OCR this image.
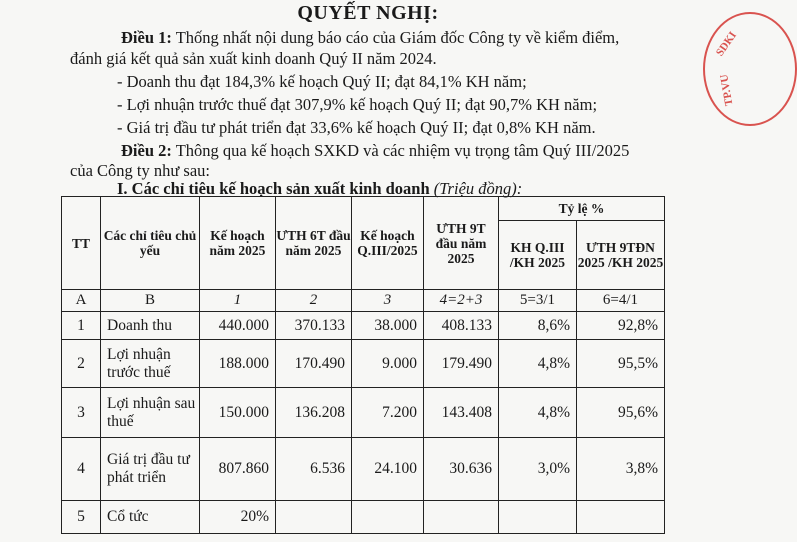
QUYẾT NGHỊ:
Điều 1: Thống nhất nội dung báo cáo của Giám đốc Công ty về kiểm điểm,
đánh giá kết quả sản xuất kinh doanh Quý II năm 2024.
- Doanh thu đạt 184,3% kế hoạch Quý II; đạt 84,1% KH năm;
- Lợi nhuận trước thuế đạt 307,9% kế hoạch Quý II; đạt 90,7% KH năm;
- Giá trị đầu tư phát triển đạt 33,6% kế hoạch Quý II; đạt 0,8% KH năm.
Điều 2: Thông qua kế hoạch SXKD và các nhiệm vụ trọng tâm Quý III/2025
của Công ty như sau:
I. Các chỉ tiêu kế hoạch sản xuất kinh doanh (Triệu đồng):
TT	Các chỉ tiêu chủ yếu	Kế hoạch năm 2025	ƯTH 6T đầu năm 2025	Kế hoạch Q.III/2025	ƯTH 9T đầu năm 2025	Tỷ lệ %	
						KH Q.III /KH 2025	ƯTH 9TĐN 2025 /KH 2025
A	B	1	2	3	4=2+3	5=3/1	6=4/1
1	Doanh thu	440.000	370.133	38.000	408.133	8,6%	92,8%
2	Lợi nhuận trước thuế	188.000	170.490	9.000	179.490	4,8%	95,5%
3	Lợi nhuận sau thuế	150.000	136.208	7.200	143.408	4,8%	95,6%
4	Giá trị đầu tư phát triển	807.860	6.536	24.100	30.636	3,0%	3,8%
5	Cổ tức	20%					
SDKI
TP.VU
